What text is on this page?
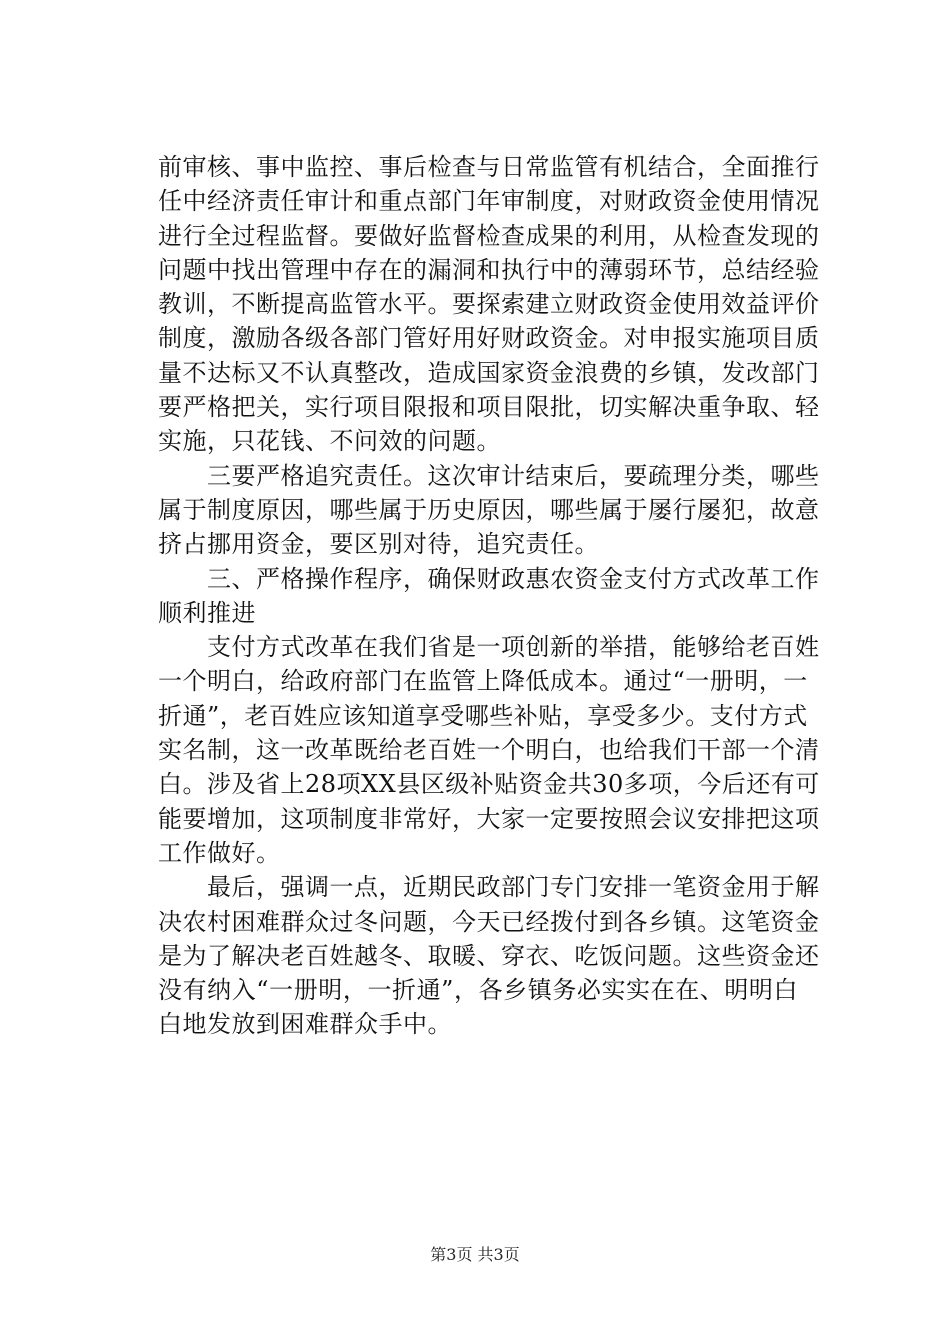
前审核、事中监控、事后检查与日常监管有机结合，全面推行
任中经济责任审计和重点部门年审制度，对财政资金使用情况
进行全过程监督。要做好监督检查成果的利用，从检查发现的
问题中找出管理中存在的漏洞和执行中的薄弱环节，总结经验
教训，不断提高监管水平。要探索建立财政资金使用效益评价
制度，激励各级各部门管好用好财政资金。对申报实施项目质
量不达标又不认真整改，造成国家资金浪费的乡镇，发改部门
要严格把关，实行项目限报和项目限批，切实解决重争取、轻
实施，只花钱、不问效的问题。
　　三要严格追究责任。这次审计结束后，要疏理分类，哪些
属于制度原因，哪些属于历史原因，哪些属于屡行屡犯，故意
挤占挪用资金，要区别对待，追究责任。
　　三、严格操作程序，确保财政惠农资金支付方式改革工作
顺利推进
　　支付方式改革在我们省是一项创新的举措，能够给老百姓
一个明白，给政府部门在监管上降低成本。通过“一册明，一
折通”，老百姓应该知道享受哪些补贴，享受多少。支付方式
实名制，这一改革既给老百姓一个明白，也给我们干部一个清
白。涉及省上28项XX县区级补贴资金共30多项，今后还有可
能要增加，这项制度非常好，大家一定要按照会议安排把这项
工作做好。
　　最后，强调一点，近期民政部门专门安排一笔资金用于解
决农村困难群众过冬问题，今天已经拨付到各乡镇。这笔资金
是为了解决老百姓越冬、取暖、穿衣、吃饭问题。这些资金还
没有纳入“一册明，一折通”，各乡镇务必实实在在、明明白
白地发放到困难群众手中。
第3页 共3页
